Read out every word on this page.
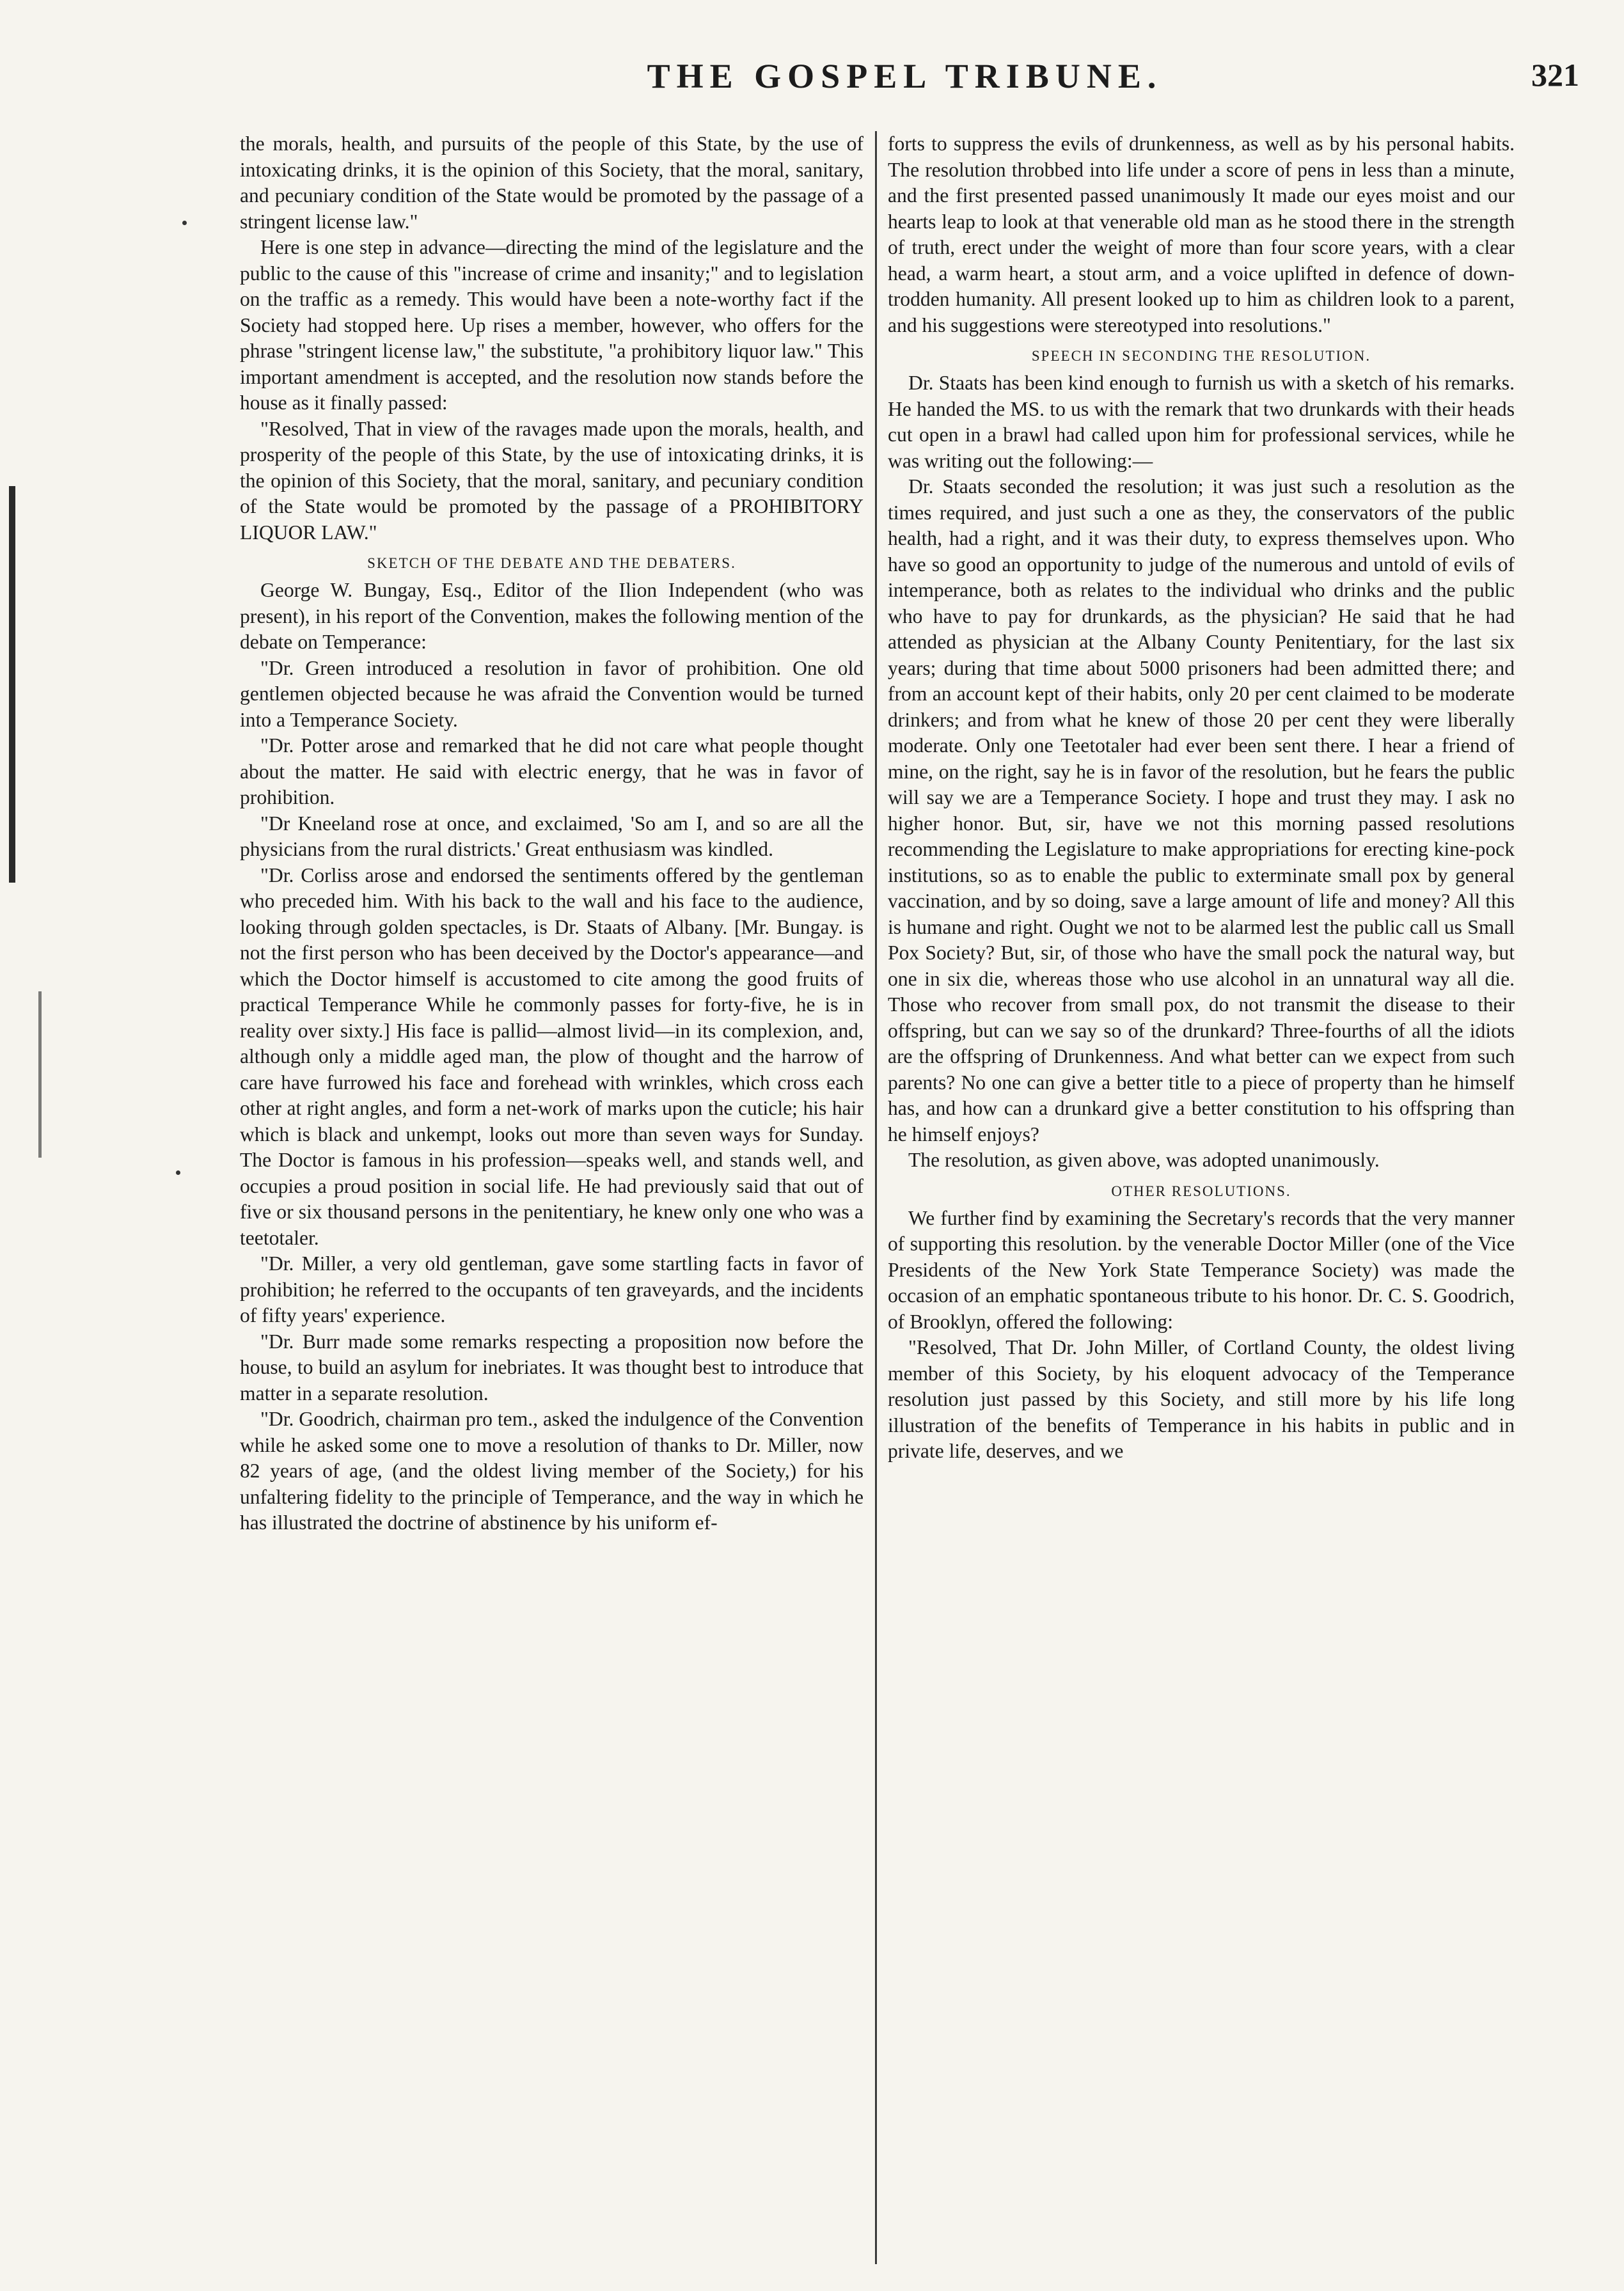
THE GOSPEL TRIBUNE.	321

the morals, health, and pursuits of the people of this State, by the use of intoxicating drinks, it is the opinion of this Society, that the moral, sanitary, and pecuniary condition of the State would be promoted by the passage of a stringent license law."

Here is one step in advance—directing the mind of the legislature and the public to the cause of this "increase of crime and insanity;" and to legislation on the traffic as a remedy. This would have been a note-worthy fact if the Society had stopped here. Up rises a member, however, who offers for the phrase "stringent license law," the substitute, "a prohibitory liquor law." This important amendment is accepted, and the resolution now stands before the house as it finally passed:

"Resolved, That in view of the ravages made upon the morals, health, and prosperity of the people of this State, by the use of intoxicating drinks, it is the opinion of this Society, that the moral, sanitary, and pecuniary condition of the State would be promoted by the passage of a PROHIBITORY LIQUOR LAW."

SKETCH OF THE DEBATE AND THE DEBATERS.

George W. Bungay, Esq., Editor of the Ilion Independent (who was present), in his report of the Convention, makes the following mention of the debate on Temperance:

"Dr. Green introduced a resolution in favor of prohibition. One old gentlemen objected because he was afraid the Convention would be turned into a Temperance Society.

"Dr. Potter arose and remarked that he did not care what people thought about the matter. He said with electric energy, that he was in favor of prohibition.

"Dr Kneeland rose at once, and exclaimed, 'So am I, and so are all the physicians from the rural districts.' Great enthusiasm was kindled.

"Dr. Corliss arose and endorsed the sentiments offered by the gentleman who preceded him. With his back to the wall and his face to the audience, looking through golden spectacles, is Dr. Staats of Albany. [Mr. Bungay. is not the first person who has been deceived by the Doctor's appearance—and which the Doctor himself is accustomed to cite among the good fruits of practical Temperance While he commonly passes for forty-five, he is in reality over sixty.] His face is pallid—almost livid—in its complexion, and, although only a middle aged man, the plow of thought and the harrow of care have furrowed his face and forehead with wrinkles, which cross each other at right angles, and form a net-work of marks upon the cuticle; his hair which is black and unkempt, looks out more than seven ways for Sunday. The Doctor is famous in his profession—speaks well, and stands well, and occupies a proud position in social life. He had previously said that out of five or six thousand persons in the penitentiary, he knew only one who was a teetotaler.

"Dr. Miller, a very old gentleman, gave some startling facts in favor of prohibition; he referred to the occupants of ten graveyards, and the incidents of fifty years' experience.

"Dr. Burr made some remarks respecting a proposition now before the house, to build an asylum for inebriates. It was thought best to introduce that matter in a separate resolution.

"Dr. Goodrich, chairman pro tem., asked the indulgence of the Convention while he asked some one to move a resolution of thanks to Dr. Miller, now 82 years of age, (and the oldest living member of the Society,) for his unfaltering fidelity to the principle of Temperance, and the way in which he has illustrated the doctrine of abstinence by his uniform ef-

forts to suppress the evils of drunkenness, as well as by his personal habits. The resolution throbbed into life under a score of pens in less than a minute, and the first presented passed unanimously It made our eyes moist and our hearts leap to look at that venerable old man as he stood there in the strength of truth, erect under the weight of more than four score years, with a clear head, a warm heart, a stout arm, and a voice uplifted in defence of down-trodden humanity. All present looked up to him as children look to a parent, and his suggestions were stereotyped into resolutions."

SPEECH IN SECONDING THE RESOLUTION.

Dr. Staats has been kind enough to furnish us with a sketch of his remarks. He handed the MS. to us with the remark that two drunkards with their heads cut open in a brawl had called upon him for professional services, while he was writing out the following:—

Dr. Staats seconded the resolution; it was just such a resolution as the times required, and just such a one as they, the conservators of the public health, had a right, and it was their duty, to express themselves upon. Who have so good an opportunity to judge of the numerous and untold of evils of intemperance, both as relates to the individual who drinks and the public who have to pay for drunkards, as the physician? He said that he had attended as physician at the Albany County Penitentiary, for the last six years; during that time about 5000 prisoners had been admitted there; and from an account kept of their habits, only 20 per cent claimed to be moderate drinkers; and from what he knew of those 20 per cent they were liberally moderate. Only one Teetotaler had ever been sent there. I hear a friend of mine, on the right, say he is in favor of the resolution, but he fears the public will say we are a Temperance Society. I hope and trust they may. I ask no higher honor. But, sir, have we not this morning passed resolutions recommending the Legislature to make appropriations for erecting kine-pock institutions, so as to enable the public to exterminate small pox by general vaccination, and by so doing, save a large amount of life and money? All this is humane and right. Ought we not to be alarmed lest the public call us Small Pox Society? But, sir, of those who have the small pock the natural way, but one in six die, whereas those who use alcohol in an unnatural way all die. Those who recover from small pox, do not transmit the disease to their offspring, but can we say so of the drunkard? Three-fourths of all the idiots are the offspring of Drunkenness. And what better can we expect from such parents? No one can give a better title to a piece of property than he himself has, and how can a drunkard give a better constitution to his offspring than he himself enjoys?

The resolution, as given above, was adopted unanimously.

OTHER RESOLUTIONS.

We further find by examining the Secretary's records that the very manner of supporting this resolution. by the venerable Doctor Miller (one of the Vice Presidents of the New York State Temperance Society) was made the occasion of an emphatic spontaneous tribute to his honor. Dr. C. S. Goodrich, of Brooklyn, offered the following:

"Resolved, That Dr. John Miller, of Cortland County, the oldest living member of this Society, by his eloquent advocacy of the Temperance resolution just passed by this Society, and still more by his life long illustration of the benefits of Temperance in his habits in public and in private life, deserves, and we
